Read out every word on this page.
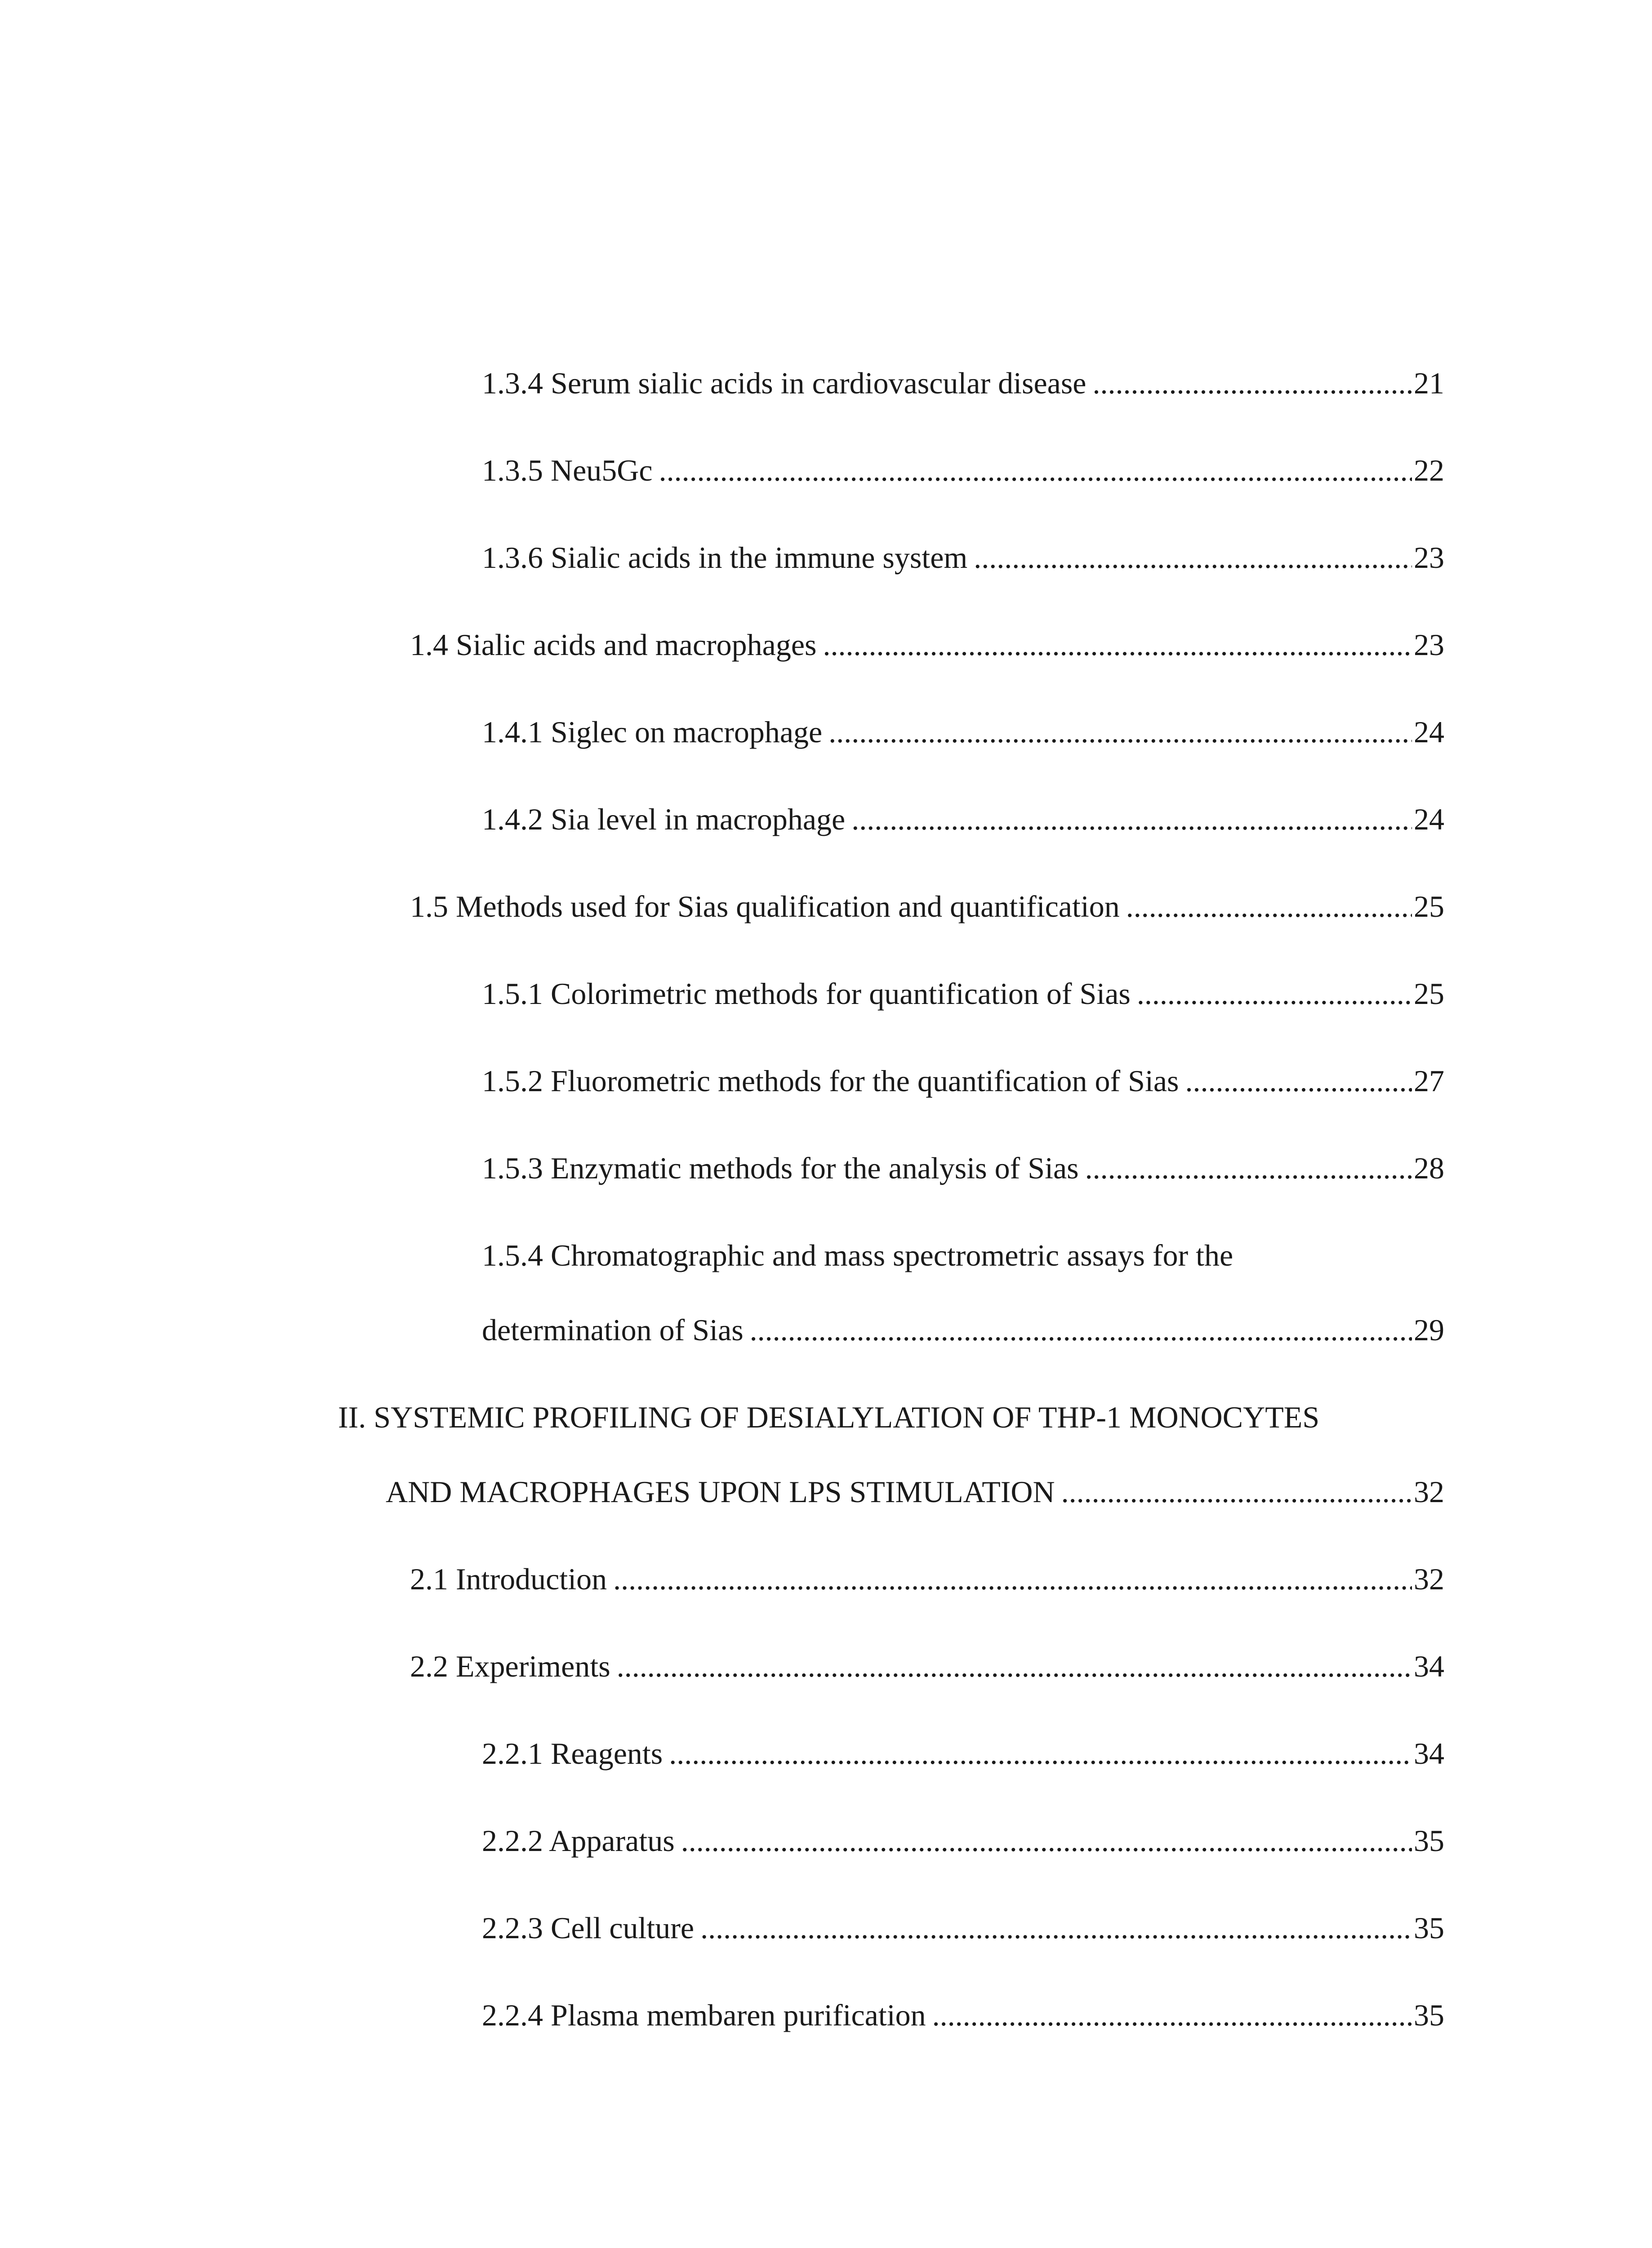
1.3.4 Serum sialic acids in cardiovascular disease .....	21
1.3.5 Neu5Gc .....	22
1.3.6 Sialic acids in the immune system .....	23
1.4 Sialic acids and macrophages .....	23
1.4.1 Siglec on macrophage .....	24
1.4.2 Sia level in macrophage .....	24
1.5 Methods used for Sias qualification and quantification .....	25
1.5.1 Colorimetric methods for quantification of Sias .....	25
1.5.2 Fluorometric methods for the quantification of Sias .....	27
1.5.3 Enzymatic methods for the analysis of Sias .....	28
1.5.4 Chromatographic and mass spectrometric assays for the
determination of Sias .....	29
II. SYSTEMIC PROFILING OF DESIALYLATION OF THP-1 MONOCYTES
AND MACROPHAGES UPON LPS STIMULATION .....	32
2.1 Introduction .....	32
2.2 Experiments .....	34
2.2.1 Reagents .....	34
2.2.2 Apparatus .....	35
2.2.3 Cell culture .....	35
2.2.4 Plasma membaren purification .....	35
